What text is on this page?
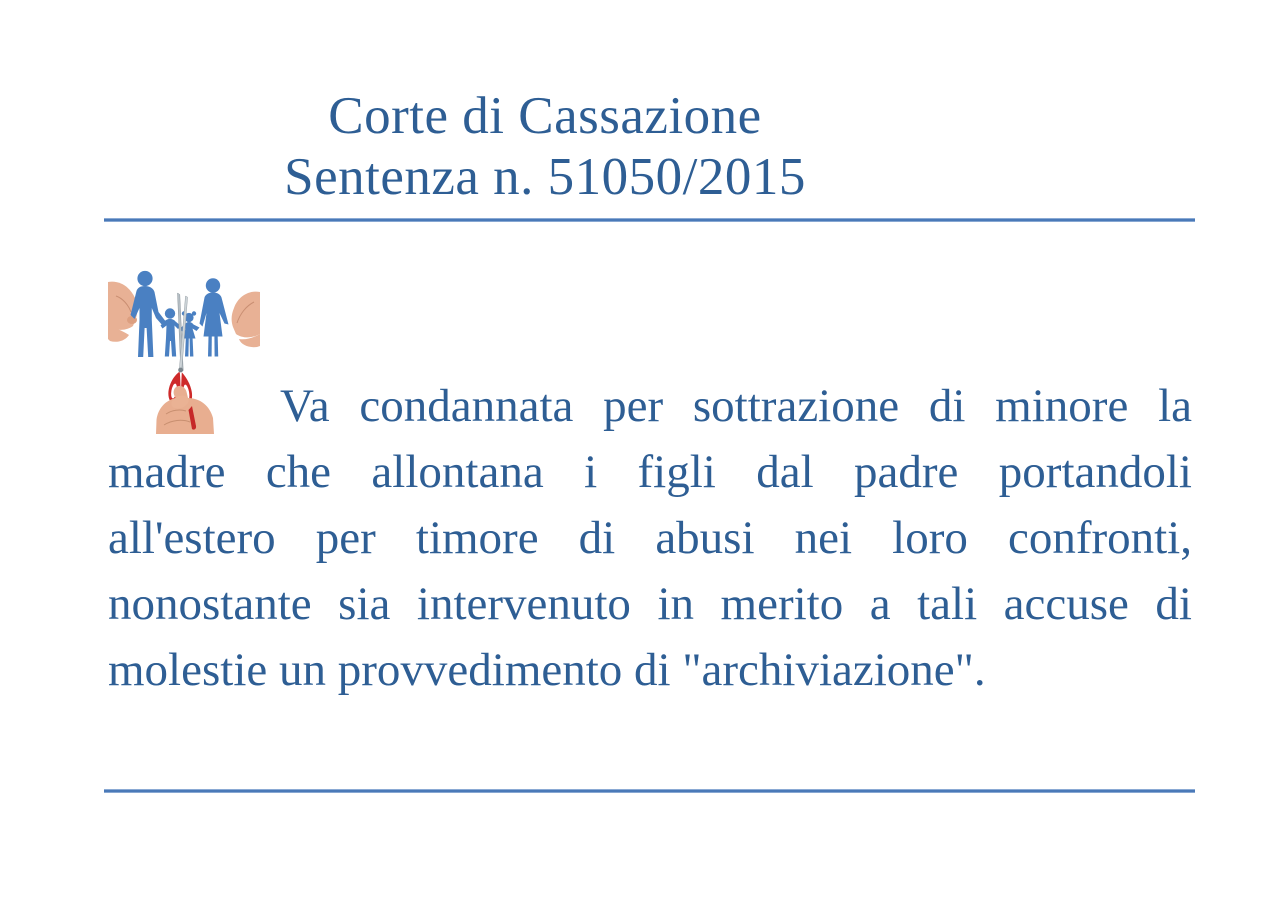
Corte di Cassazione
Sentenza n. 51050/2015
Va condannata per sottrazione di minore la
madre che allontana i figli dal padre portandoli
all'estero per timore di abusi nei loro confronti,
nonostante sia intervenuto in merito a tali accuse di
molestie un provvedimento di "archiviazione".
